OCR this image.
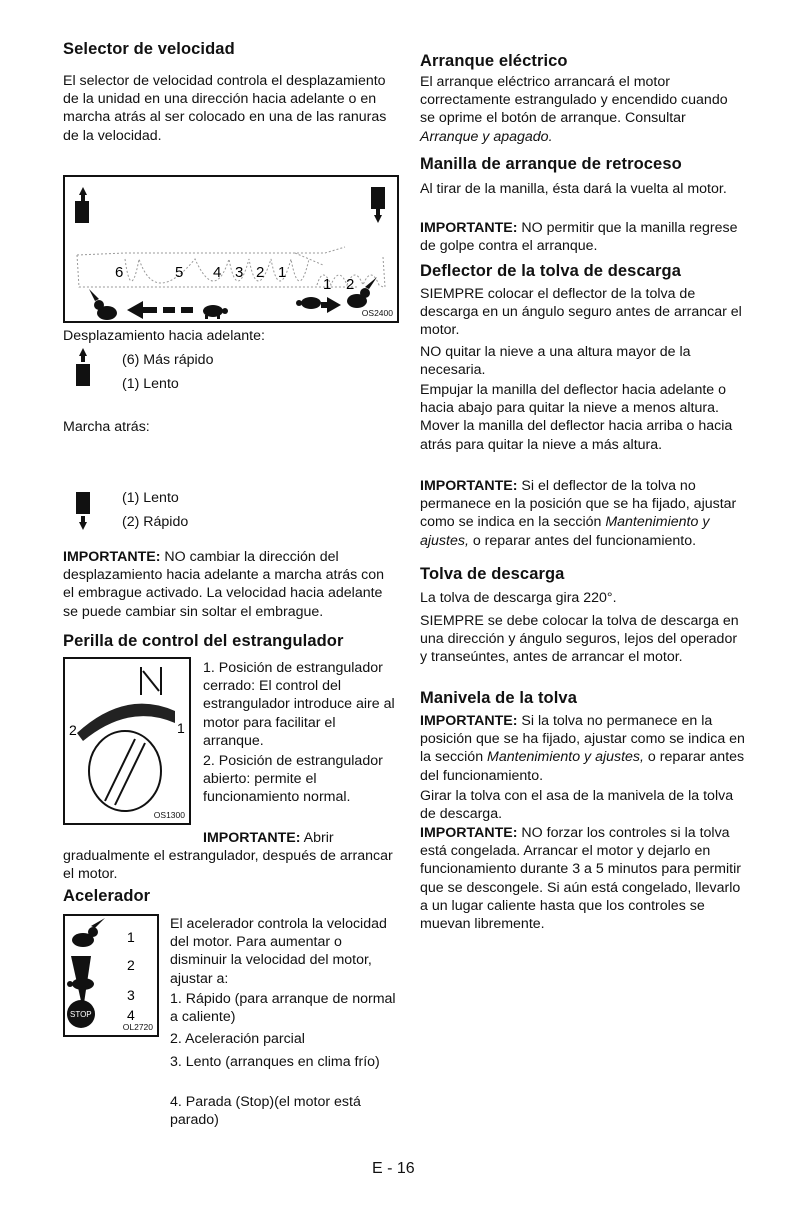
Selector de velocidad
El selector de velocidad controla el desplazamiento de la unidad en una dirección hacia adelante o en marcha atrás al ser colocado en una de las ranuras de la velocidad.
6	5 4 3 2 1
1 2
OS2400
Desplazamiento hacia adelante:
(6) Más rápido
(1) Lento
Marcha atrás:
(1) Lento
(2) Rápido
IMPORTANTE: NO cambiar la dirección del desplazamiento hacia adelante a marcha atrás con el embrague activado. La velocidad hacia adelante se puede cambiar sin soltar el embrague.
Perilla de control del estrangulador
2	1
OS1300
1. Posición de estrangulador cerrado: El control del estrangulador introduce aire al motor para facilitar el arranque.
2. Posición de estrangulador abierto: permite el funcionamiento normal.
IMPORTANTE: Abrir
gradualmente el estrangulador, después de arrancar el motor.
Acelerador
STOP
1
2
3
4
OL2720
El acelerador controla la velocidad del motor. Para aumentar o disminuir la velocidad del motor, ajustar a:
1. Rápido (para arranque de normal a caliente)
2. Aceleración parcial
3. Lento (arranques en clima frío)
4. Parada (Stop)(el motor está parado)
Arranque eléctrico
El arranque eléctrico arrancará el motor correctamente estrangulado y encendido cuando se oprime el botón de arranque. Consultar Arranque y apagado.
Manilla de arranque de retroceso
Al tirar de la manilla, ésta dará la vuelta al motor.
IMPORTANTE: NO permitir que la manilla regrese de golpe contra el arranque.
Deflector de la tolva de descarga
SIEMPRE colocar el deflector de la tolva de descarga en un ángulo seguro antes de arrancar el motor.
NO quitar la nieve a una altura mayor de la necesaria.
Empujar la manilla del deflector hacia adelante o hacia abajo para quitar la nieve a menos altura. Mover la manilla del deflector hacia arriba o hacia atrás para quitar la nieve a más altura.
IMPORTANTE: Si el deflector de la tolva no permanece en la posición que se ha fijado, ajustar como se indica en la sección Mantenimiento y ajustes, o reparar antes del funcionamiento.
Tolva de descarga
La tolva de descarga gira 220°.
SIEMPRE se debe colocar la tolva de descarga en una dirección y ángulo seguros, lejos del operador y transeúntes, antes de arrancar el motor.
Manivela de la tolva
IMPORTANTE: Si la tolva no permanece en la posición que se ha fijado, ajustar como se indica en la sección Mantenimiento y ajustes, o reparar antes del funcionamiento.
Girar la tolva con el asa de la manivela de la tolva de descarga.
IMPORTANTE: NO forzar los controles si la tolva está congelada. Arrancar el motor y dejarlo en funcionamiento durante 3 a 5 minutos para permitir que se descongele. Si aún está congelado, llevarlo a un lugar caliente hasta que los controles se muevan libremente.
E - 16
